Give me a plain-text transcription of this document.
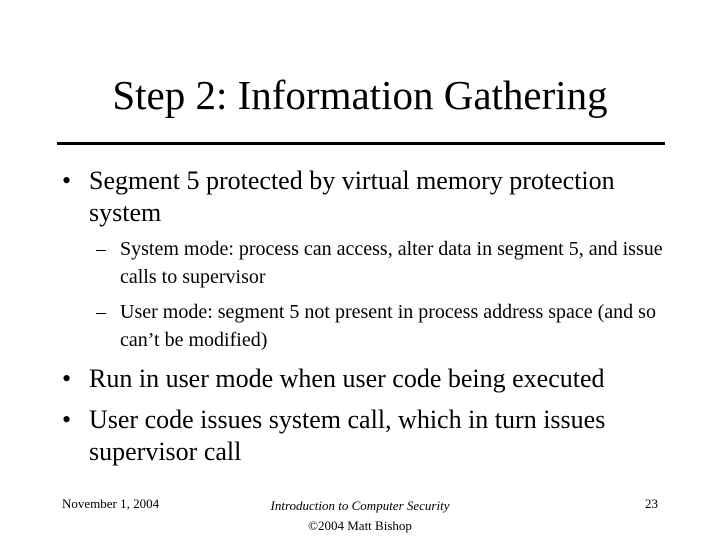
Step 2: Information Gathering
• Segment 5 protected by virtual memory protection system
– System mode: process can access, alter data in segment 5, and issue calls to supervisor
– User mode: segment 5 not present in process address space (and so can’t be modified)
• Run in user mode when user code being executed
• User code issues system call, which in turn issues supervisor call
November 1, 2004	Introduction to Computer Security
©2004 Matt Bishop
23
